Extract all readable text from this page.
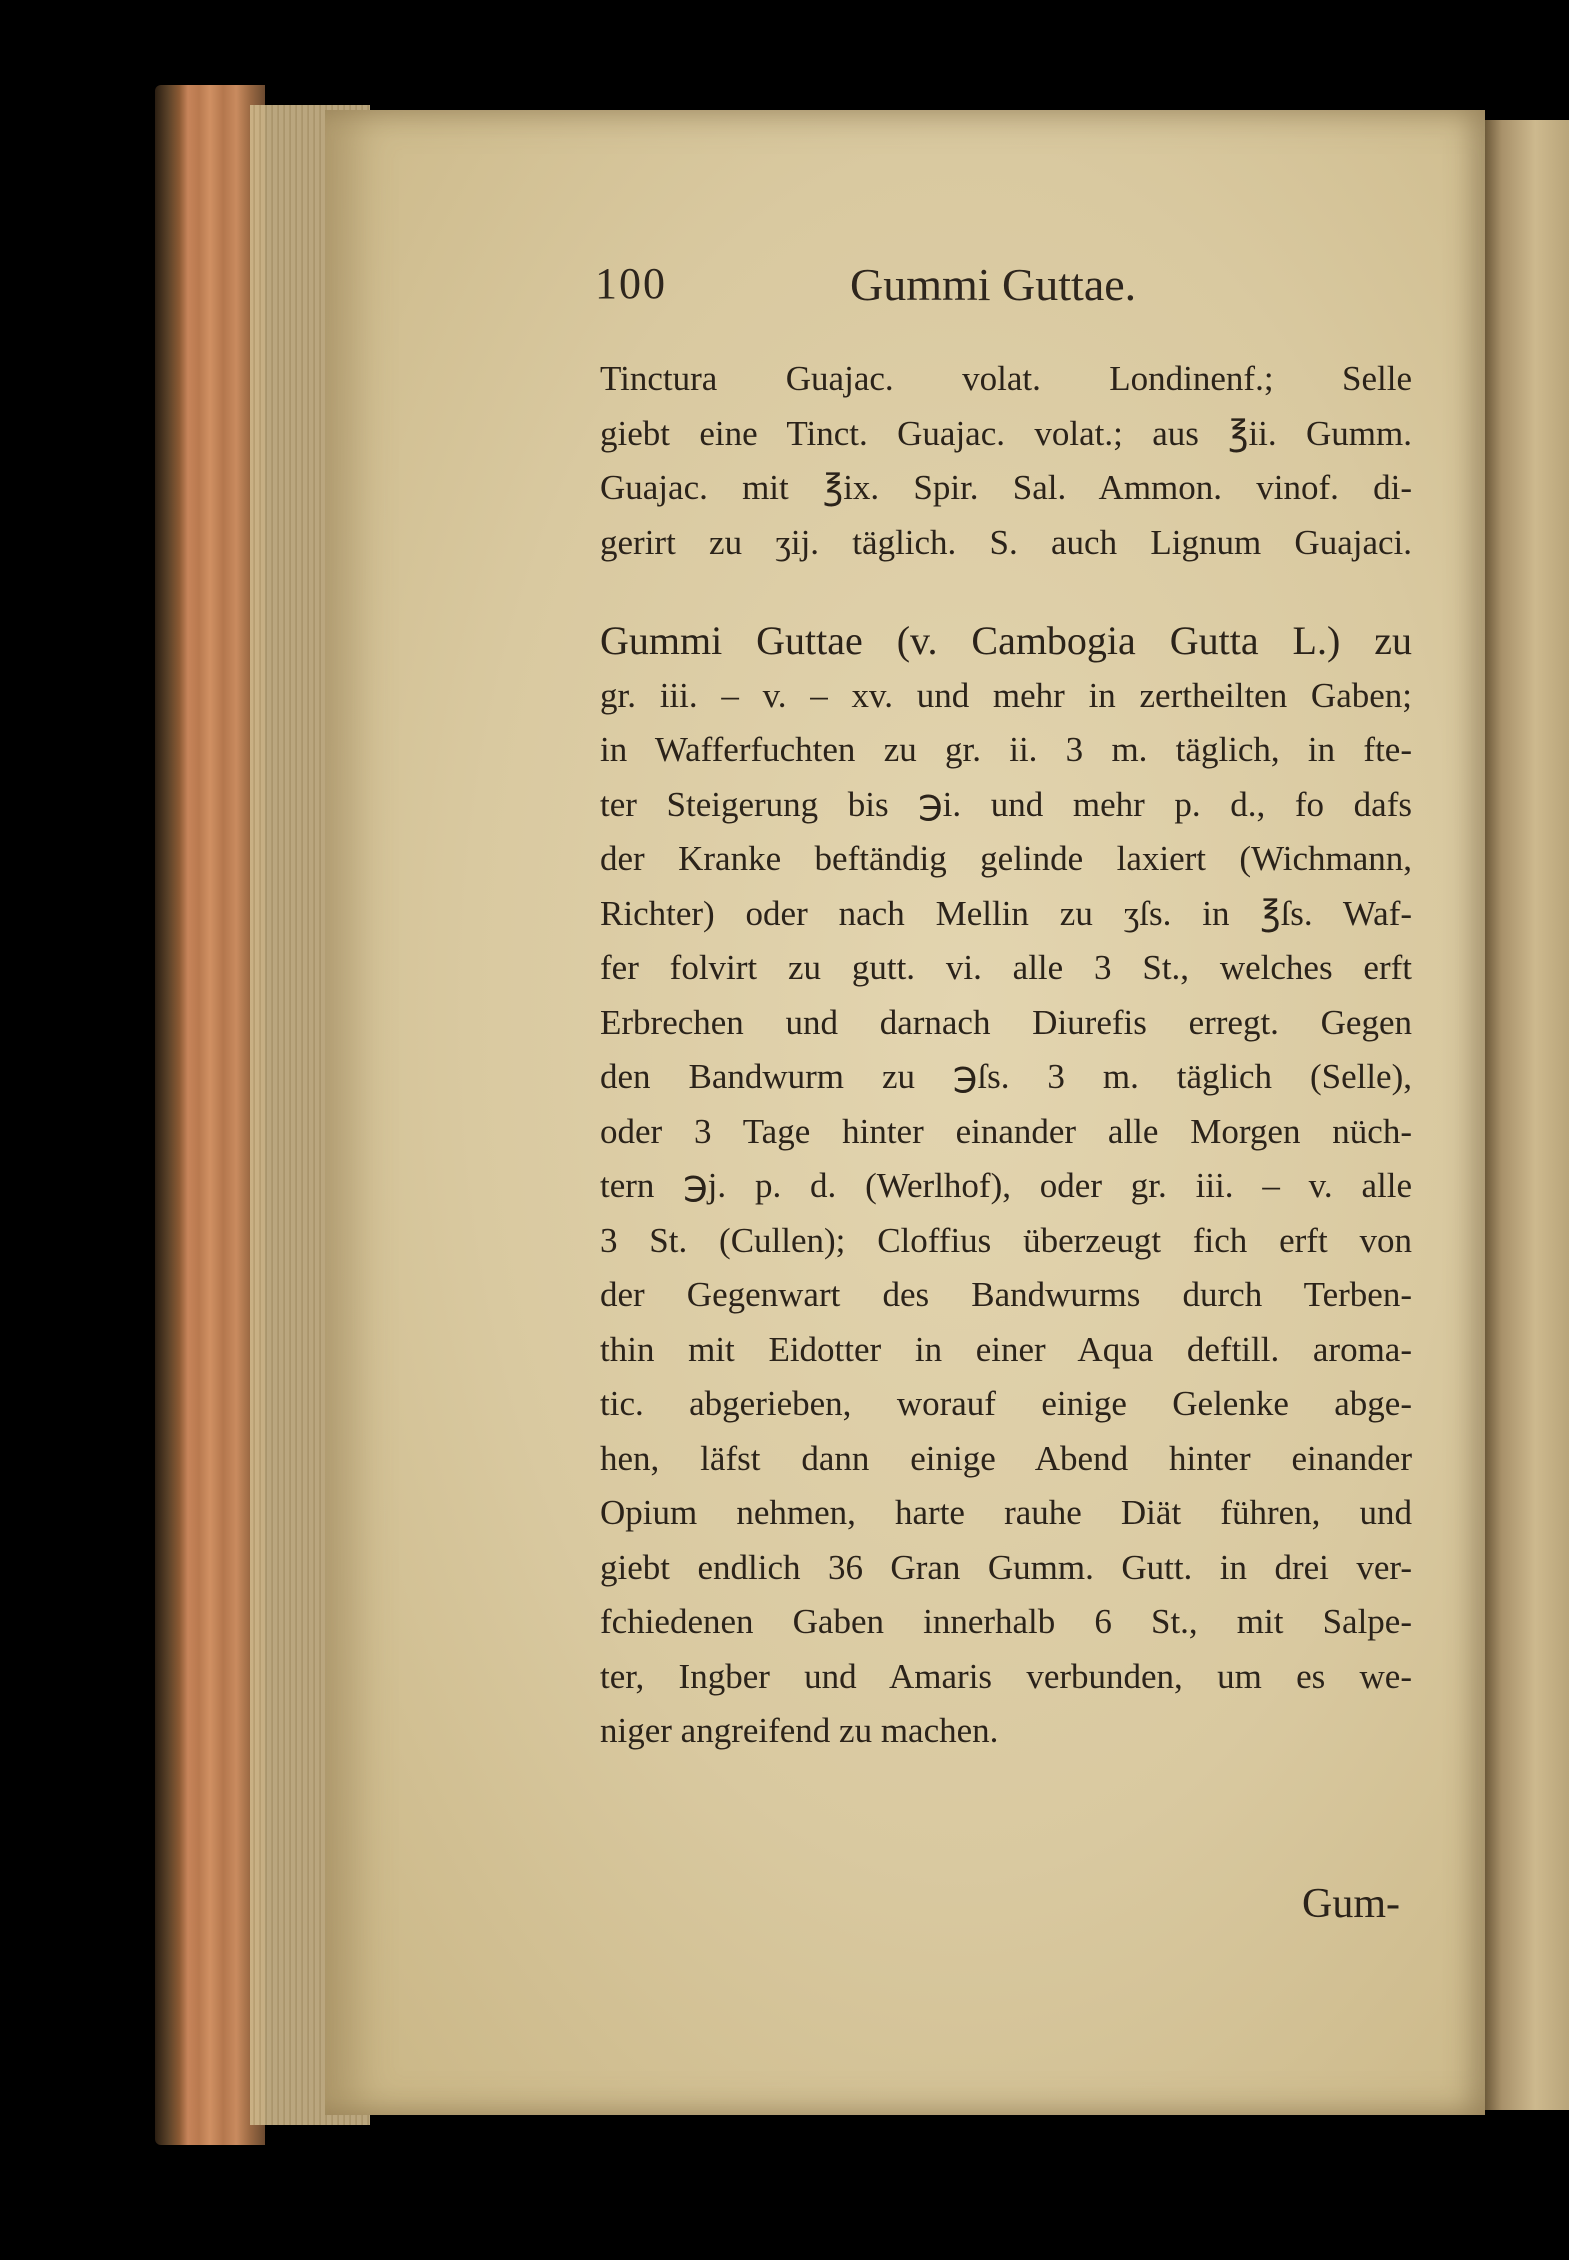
100	Gummi Guttae.

Tinctura Guajac. volat. Londinenf.; Selle
giebt eine Tinct. Guajac. volat.; aus ℥ii. Gumm.
Guajac. mit ℥ix. Spir. Sal. Ammon. vinof. di-
gerirt zu ʒij. täglich. S. auch Lignum Guajaci.

Gummi Guttae (v. Cambogia Gutta L.) zu
gr. iii. – v. – xv. und mehr in zertheilten Gaben;
in Wafferfuchten zu gr. ii. 3 m. täglich, in fte-
ter Steigerung bis ℈i. und mehr p. d., fo dafs
der Kranke beftändig gelinde laxiert (Wichmann,
Richter) oder nach Mellin zu ʒſs. in ℥ſs. Waf-
fer folvirt zu gutt. vi. alle 3 St., welches erft
Erbrechen und darnach Diurefis erregt. Gegen
den Bandwurm zu ℈ſs. 3 m. täglich (Selle),
oder 3 Tage hinter einander alle Morgen nüch-
tern ℈j. p. d. (Werlhof), oder gr. iii. – v. alle
3 St. (Cullen); Cloffius überzeugt fich erft von
der Gegenwart des Bandwurms durch Terben-
thin mit Eidotter in einer Aqua deftill. aroma-
tic. abgerieben, worauf einige Gelenke abge-
hen, läfst dann einige Abend hinter einander
Opium nehmen, harte rauhe Diät führen, und
giebt endlich 36 Gran Gumm. Gutt. in drei ver-
fchiedenen Gaben innerhalb 6 St., mit Salpe-
ter, Ingber und Amaris verbunden, um es we-
niger angreifend zu machen.

Gum-
